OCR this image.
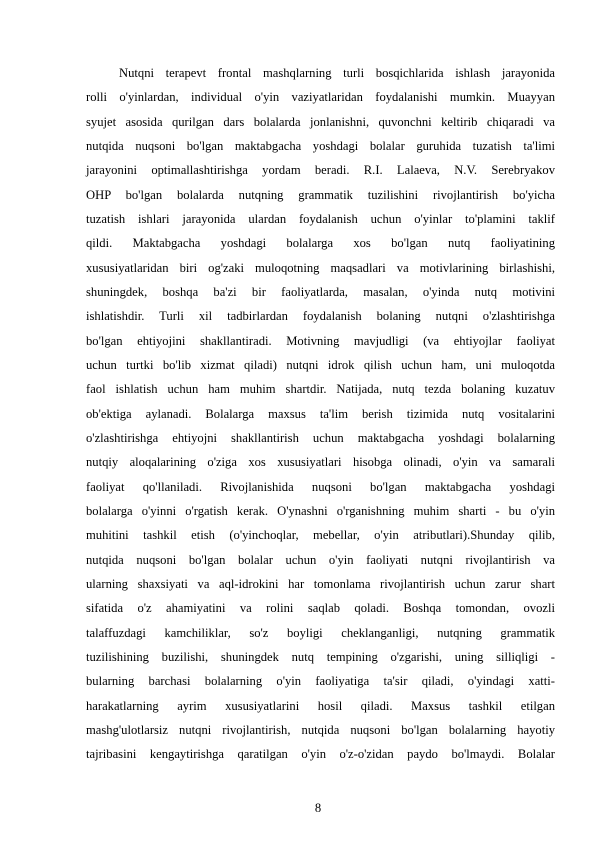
Nutqni terapevt frontal mashqlarning turli bosqichlarida ishlash jarayonida
rolli o'yinlardan, individual o'yin vaziyatlaridan foydalanishi mumkin. Muayyan
syujet asosida qurilgan dars bolalarda jonlanishni, quvonchni keltirib chiqaradi va
nutqida nuqsoni bo'lgan maktabgacha yoshdagi bolalar guruhida tuzatish ta'limi
jarayonini optimallashtirishga yordam beradi. R.I. Lalaeva, N.V. Serebryakov
OHP bo'lgan bolalarda nutqning grammatik tuzilishini rivojlantirish bo'yicha
tuzatish ishlari jarayonida ulardan foydalanish uchun o'yinlar to'plamini taklif
qildi. Maktabgacha yoshdagi bolalarga xos bo'lgan nutq faoliyatining
xususiyatlaridan biri og'zaki muloqotning maqsadlari va motivlarining birlashishi,
shuningdek, boshqa ba'zi bir faoliyatlarda, masalan, o'yinda nutq motivini
ishlatishdir. Turli xil tadbirlardan foydalanish bolaning nutqni o'zlashtirishga
bo'lgan ehtiyojini shakllantiradi. Motivning mavjudligi (va ehtiyojlar faoliyat
uchun turtki bo'lib xizmat qiladi) nutqni idrok qilish uchun ham, uni muloqotda
faol ishlatish uchun ham muhim shartdir. Natijada, nutq tezda bolaning kuzatuv
ob'ektiga aylanadi. Bolalarga maxsus ta'lim berish tizimida nutq vositalarini
o'zlashtirishga ehtiyojni shakllantirish uchun maktabgacha yoshdagi bolalarning
nutqiy aloqalarining o'ziga xos xususiyatlari hisobga olinadi, o'yin va samarali
faoliyat qo'llaniladi. Rivojlanishida nuqsoni bo'lgan maktabgacha yoshdagi
bolalarga o'yinni o'rgatish kerak. O'ynashni o'rganishning muhim sharti - bu o'yin
muhitini tashkil etish (o'yinchoqlar, mebellar, o'yin atributlari).Shunday qilib,
nutqida nuqsoni bo'lgan bolalar uchun o'yin faoliyati nutqni rivojlantirish va
ularning shaxsiyati va aql-idrokini har tomonlama rivojlantirish uchun zarur shart
sifatida o'z ahamiyatini va rolini saqlab qoladi. Boshqa tomondan, ovozli
talaffuzdagi kamchiliklar, so'z boyligi cheklanganligi, nutqning grammatik
tuzilishining buzilishi, shuningdek nutq tempining o'zgarishi, uning silliqligi -
bularning barchasi bolalarning o'yin faoliyatiga ta'sir qiladi, o'yindagi xatti-
harakatlarning ayrim xususiyatlarini hosil qiladi. Maxsus tashkil etilgan
mashg'ulotlarsiz nutqni rivojlantirish, nutqida nuqsoni bo'lgan bolalarning hayotiy
tajribasini kengaytirishga qaratilgan o'yin o'z-o'zidan paydo bo'lmaydi. Bolalar
8
